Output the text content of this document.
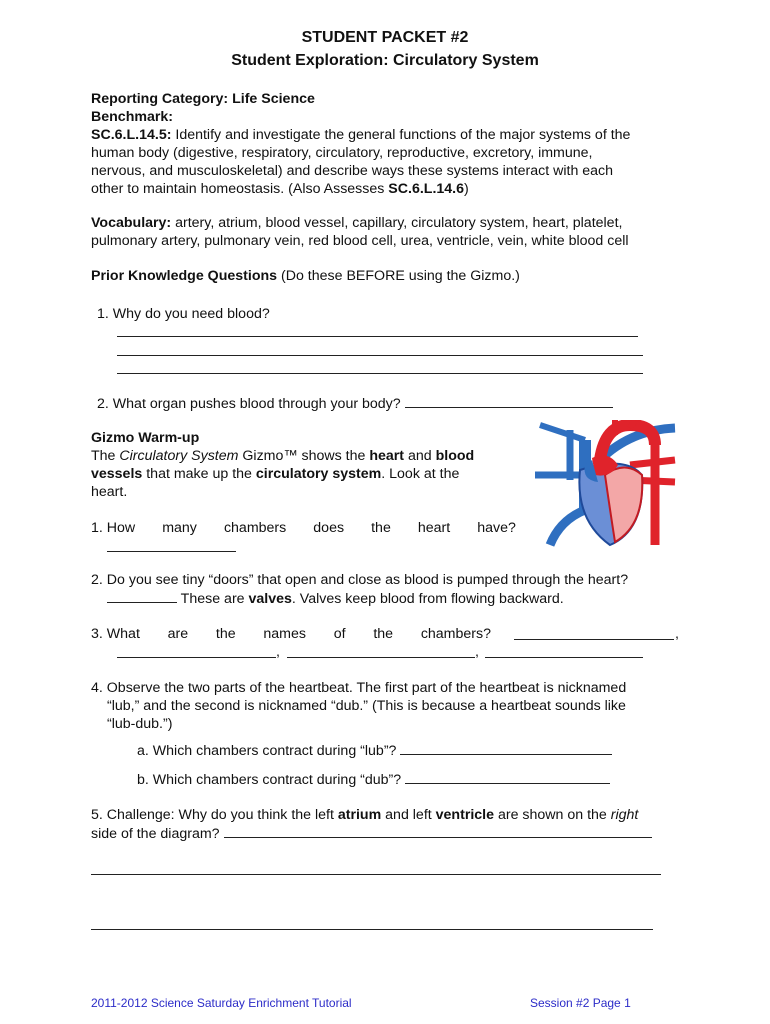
STUDENT PACKET #2
Student Exploration: Circulatory System
Reporting Category: Life Science
Benchmark:
SC.6.L.14.5: Identify and investigate the general functions of the major systems of the
human body (digestive, respiratory, circulatory, reproductive, excretory, immune,
nervous, and musculoskeletal) and describe ways these systems interact with each
other to maintain homeostasis. (Also Assesses SC.6.L.14.6)
Vocabulary: artery, atrium, blood vessel, capillary, circulatory system, heart, platelet,
pulmonary artery, pulmonary vein, red blood cell, urea, ventricle, vein, white blood cell
Prior Knowledge Questions (Do these BEFORE using the Gizmo.)
1. Why do you need blood?
2. What organ pushes blood through your body?
Gizmo Warm-up
The Circulatory System Gizmo™ shows the heart and blood
vessels that make up the circulatory system. Look at the
heart.
1. How many chambers does the heart have?
2. Do you see tiny “doors” that open and close as blood is pumped through the heart?
These are valves. Valves keep blood from flowing backward.
3. What are the names of the chambers?	,
,	,
4. Observe the two parts of the heartbeat. The first part of the heartbeat is nicknamed
“lub,” and the second is nicknamed “dub.” (This is because a heartbeat sounds like
“lub-dub.”)
a. Which chambers contract during “lub”?
b. Which chambers contract during “dub”?
5. Challenge: Why do you think the left atrium and left ventricle are shown on the right
side of the diagram?
2011-2012 Science Saturday Enrichment Tutorial	Session #2 Page 1
